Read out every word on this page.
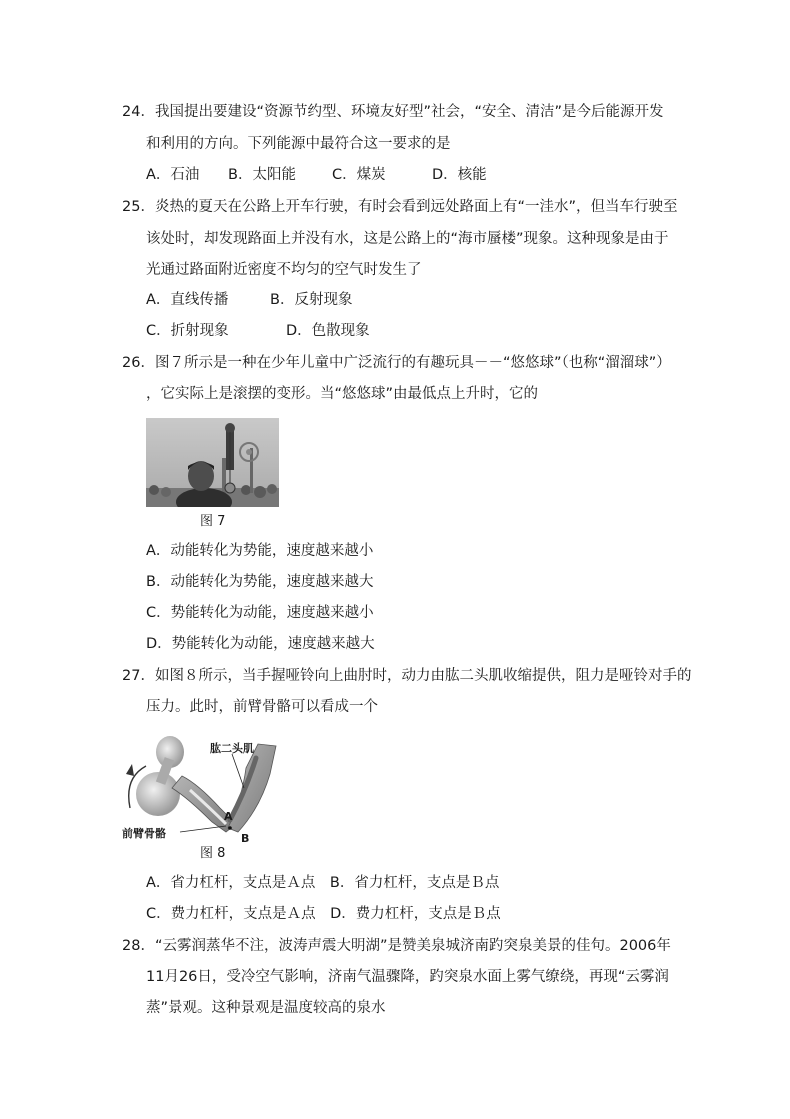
24．我国提出要建设“资源节约型、环境友好型”社会，“安全、清洁”是今后能源开发
和利用的方向。下列能源中最符合这一要求的是
A．石油 B．太阳能 C．煤炭	D．核能
25．炎热的夏天在公路上开车行驶，有时会看到远处路面上有“一洼水”，但当车行驶至
该处时，却发现路面上并没有水，这是公路上的“海市蜃楼”现象。这种现象是由于
光通过路面附近密度不均匀的空气时发生了
A．直线传播	B．反射现象
C．折射现象	D．色散现象
26．图７所示是一种在少年儿童中广泛流行的有趣玩具－－“悠悠球”（也称“溜溜球”）
，它实际上是滚摆的变形。当“悠悠球”由最低点上升时，它的
图 7
A．动能转化为势能，速度越来越小
B．动能转化为势能，速度越来越大
C．势能转化为动能，速度越来越小
D．势能转化为动能，速度越来越大
27．如图８所示，当手握哑铃向上曲肘时，动力由肱二头肌收缩提供，阻力是哑铃对手的
压力。此时，前臂骨骼可以看成一个
肱二头肌
前臂骨骼
A
B
图 8
A．省力杠杆，支点是Ａ点　B．省力杠杆，支点是Ｂ点
C．费力杠杆，支点是Ａ点　D．费力杠杆，支点是Ｂ点
28．“云雾润蒸华不注，波涛声震大明湖”是赞美泉城济南趵突泉美景的佳句。2006年
11月26日，受冷空气影响，济南气温骤降，趵突泉水面上雾气缭绕，再现“云雾润
蒸”景观。这种景观是温度较高的泉水
